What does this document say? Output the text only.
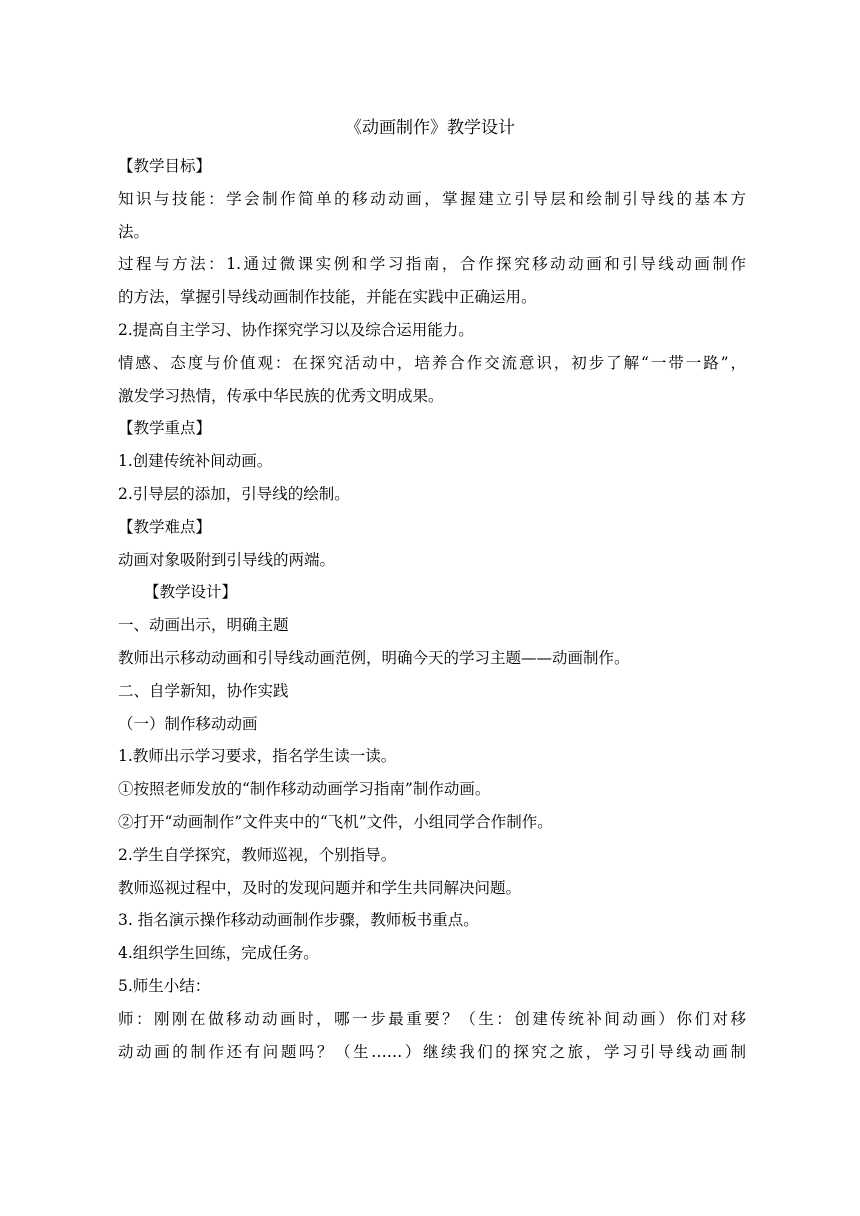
《动画制作》教学设计
【教学目标】
知识与技能：学会制作简单的移动动画，掌握建立引导层和绘制引导线的基本方
法。
过程与方法：1.通过微课实例和学习指南，合作探究移动动画和引导线动画制作
的方法，掌握引导线动画制作技能，并能在实践中正确运用。
2.提高自主学习、协作探究学习以及综合运用能力。
情感、态度与价值观：在探究活动中，培养合作交流意识，初步了解“一带一路”，
激发学习热情，传承中华民族的优秀文明成果。
【教学重点】
1.创建传统补间动画。
2.引导层的添加，引导线的绘制。
【教学难点】
动画对象吸附到引导线的两端。
【教学设计】
一、动画出示，明确主题
教师出示移动动画和引导线动画范例，明确今天的学习主题——动画制作。
二、自学新知，协作实践
（一）制作移动动画
1.教师出示学习要求，指名学生读一读。
①按照老师发放的“制作移动动画学习指南”制作动画。
②打开“动画制作”文件夹中的“飞机”文件，小组同学合作制作。
2.学生自学探究，教师巡视，个别指导。
教师巡视过程中，及时的发现问题并和学生共同解决问题。
3. 指名演示操作移动动画制作步骤，教师板书重点。
4.组织学生回练，完成任务。
5.师生小结：
师：刚刚在做移动动画时，哪一步最重要？（生：创建传统补间动画）你们对移
动动画的制作还有问题吗？（生……）继续我们的探究之旅，学习引导线动画制
